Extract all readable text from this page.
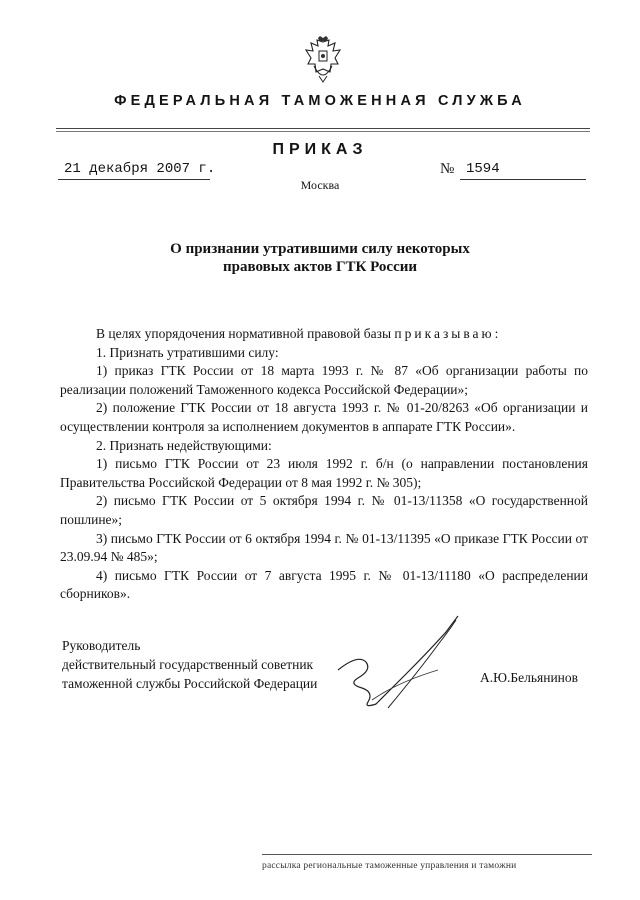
ФЕДЕРАЛЬНАЯ ТАМОЖЕННАЯ СЛУЖБА
ПРИКАЗ
21 декабря 2007 г.	№ 1594
Москва
О признании утратившими силу некоторых
правовых актов ГТК России

В целях упорядочения нормативной правовой базы приказываю:

1. Признать утратившими силу:

1) приказ ГТК России от 18 марта 1993 г. № 87 «Об организации работы по реализации положений Таможенного кодекса Российской Федерации»;

2) положение ГТК России от 18 августа 1993 г. № 01-20/8263 «Об организации и осуществлении контроля за исполнением документов в аппарате ГТК России».

2. Признать недействующими:

1) письмо ГТК России от 23 июля 1992 г. б/н (о направлении постановления Правительства Российской Федерации от 8 мая 1992 г. № 305);

2) письмо ГТК России от 5 октября 1994 г. № 01-13/11358 «О государственной пошлине»;

3) письмо ГТК России от 6 октября 1994 г. № 01-13/11395 «О приказе ГТК России от 23.09.94 № 485»;

4) письмо ГТК России от 7 августа 1995 г. № 01-13/11180 «О распределении сборников».

Руководитель
действительный государственный советник
таможенной службы Российской Федерации	А.Ю.Бельянинов
рассылка региональные таможенные управления и таможни
